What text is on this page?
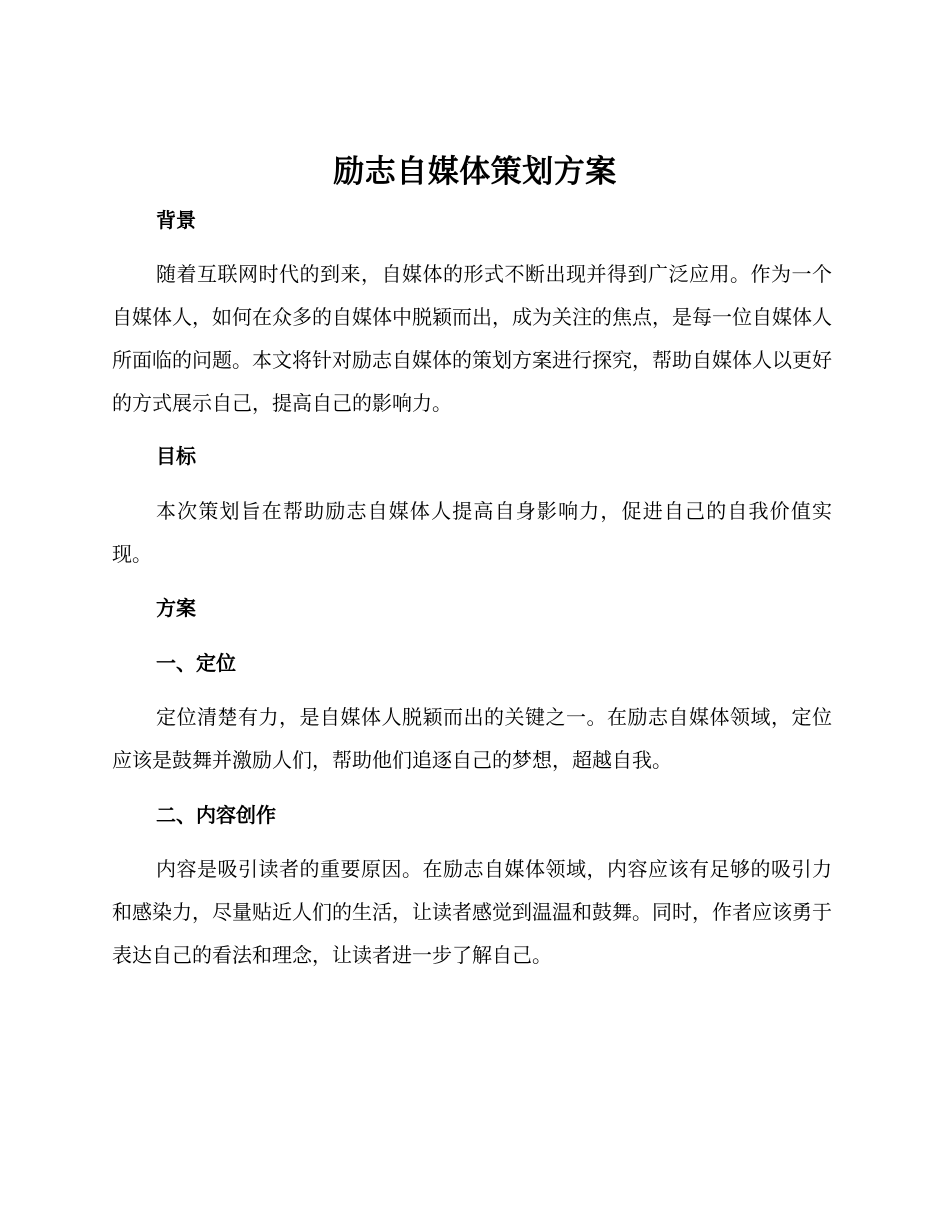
励志自媒体策划方案
背景
随着互联网时代的到来，自媒体的形式不断出现并得到广泛应用。作为一个自媒体人，如何在众多的自媒体中脱颖而出，成为关注的焦点，是每一位自媒体人所面临的问题。本文将针对励志自媒体的策划方案进行探究，帮助自媒体人以更好的方式展示自己，提高自己的影响力。
目标
本次策划旨在帮助励志自媒体人提高自身影响力，促进自己的自我价值实现。
方案
一、定位
定位清楚有力，是自媒体人脱颖而出的关键之一。在励志自媒体领域，定位应该是鼓舞并激励人们，帮助他们追逐自己的梦想，超越自我。
二、内容创作
内容是吸引读者的重要原因。在励志自媒体领域，内容应该有足够的吸引力和感染力，尽量贴近人们的生活，让读者感觉到温温和鼓舞。同时，作者应该勇于表达自己的看法和理念，让读者进一步了解自己。
